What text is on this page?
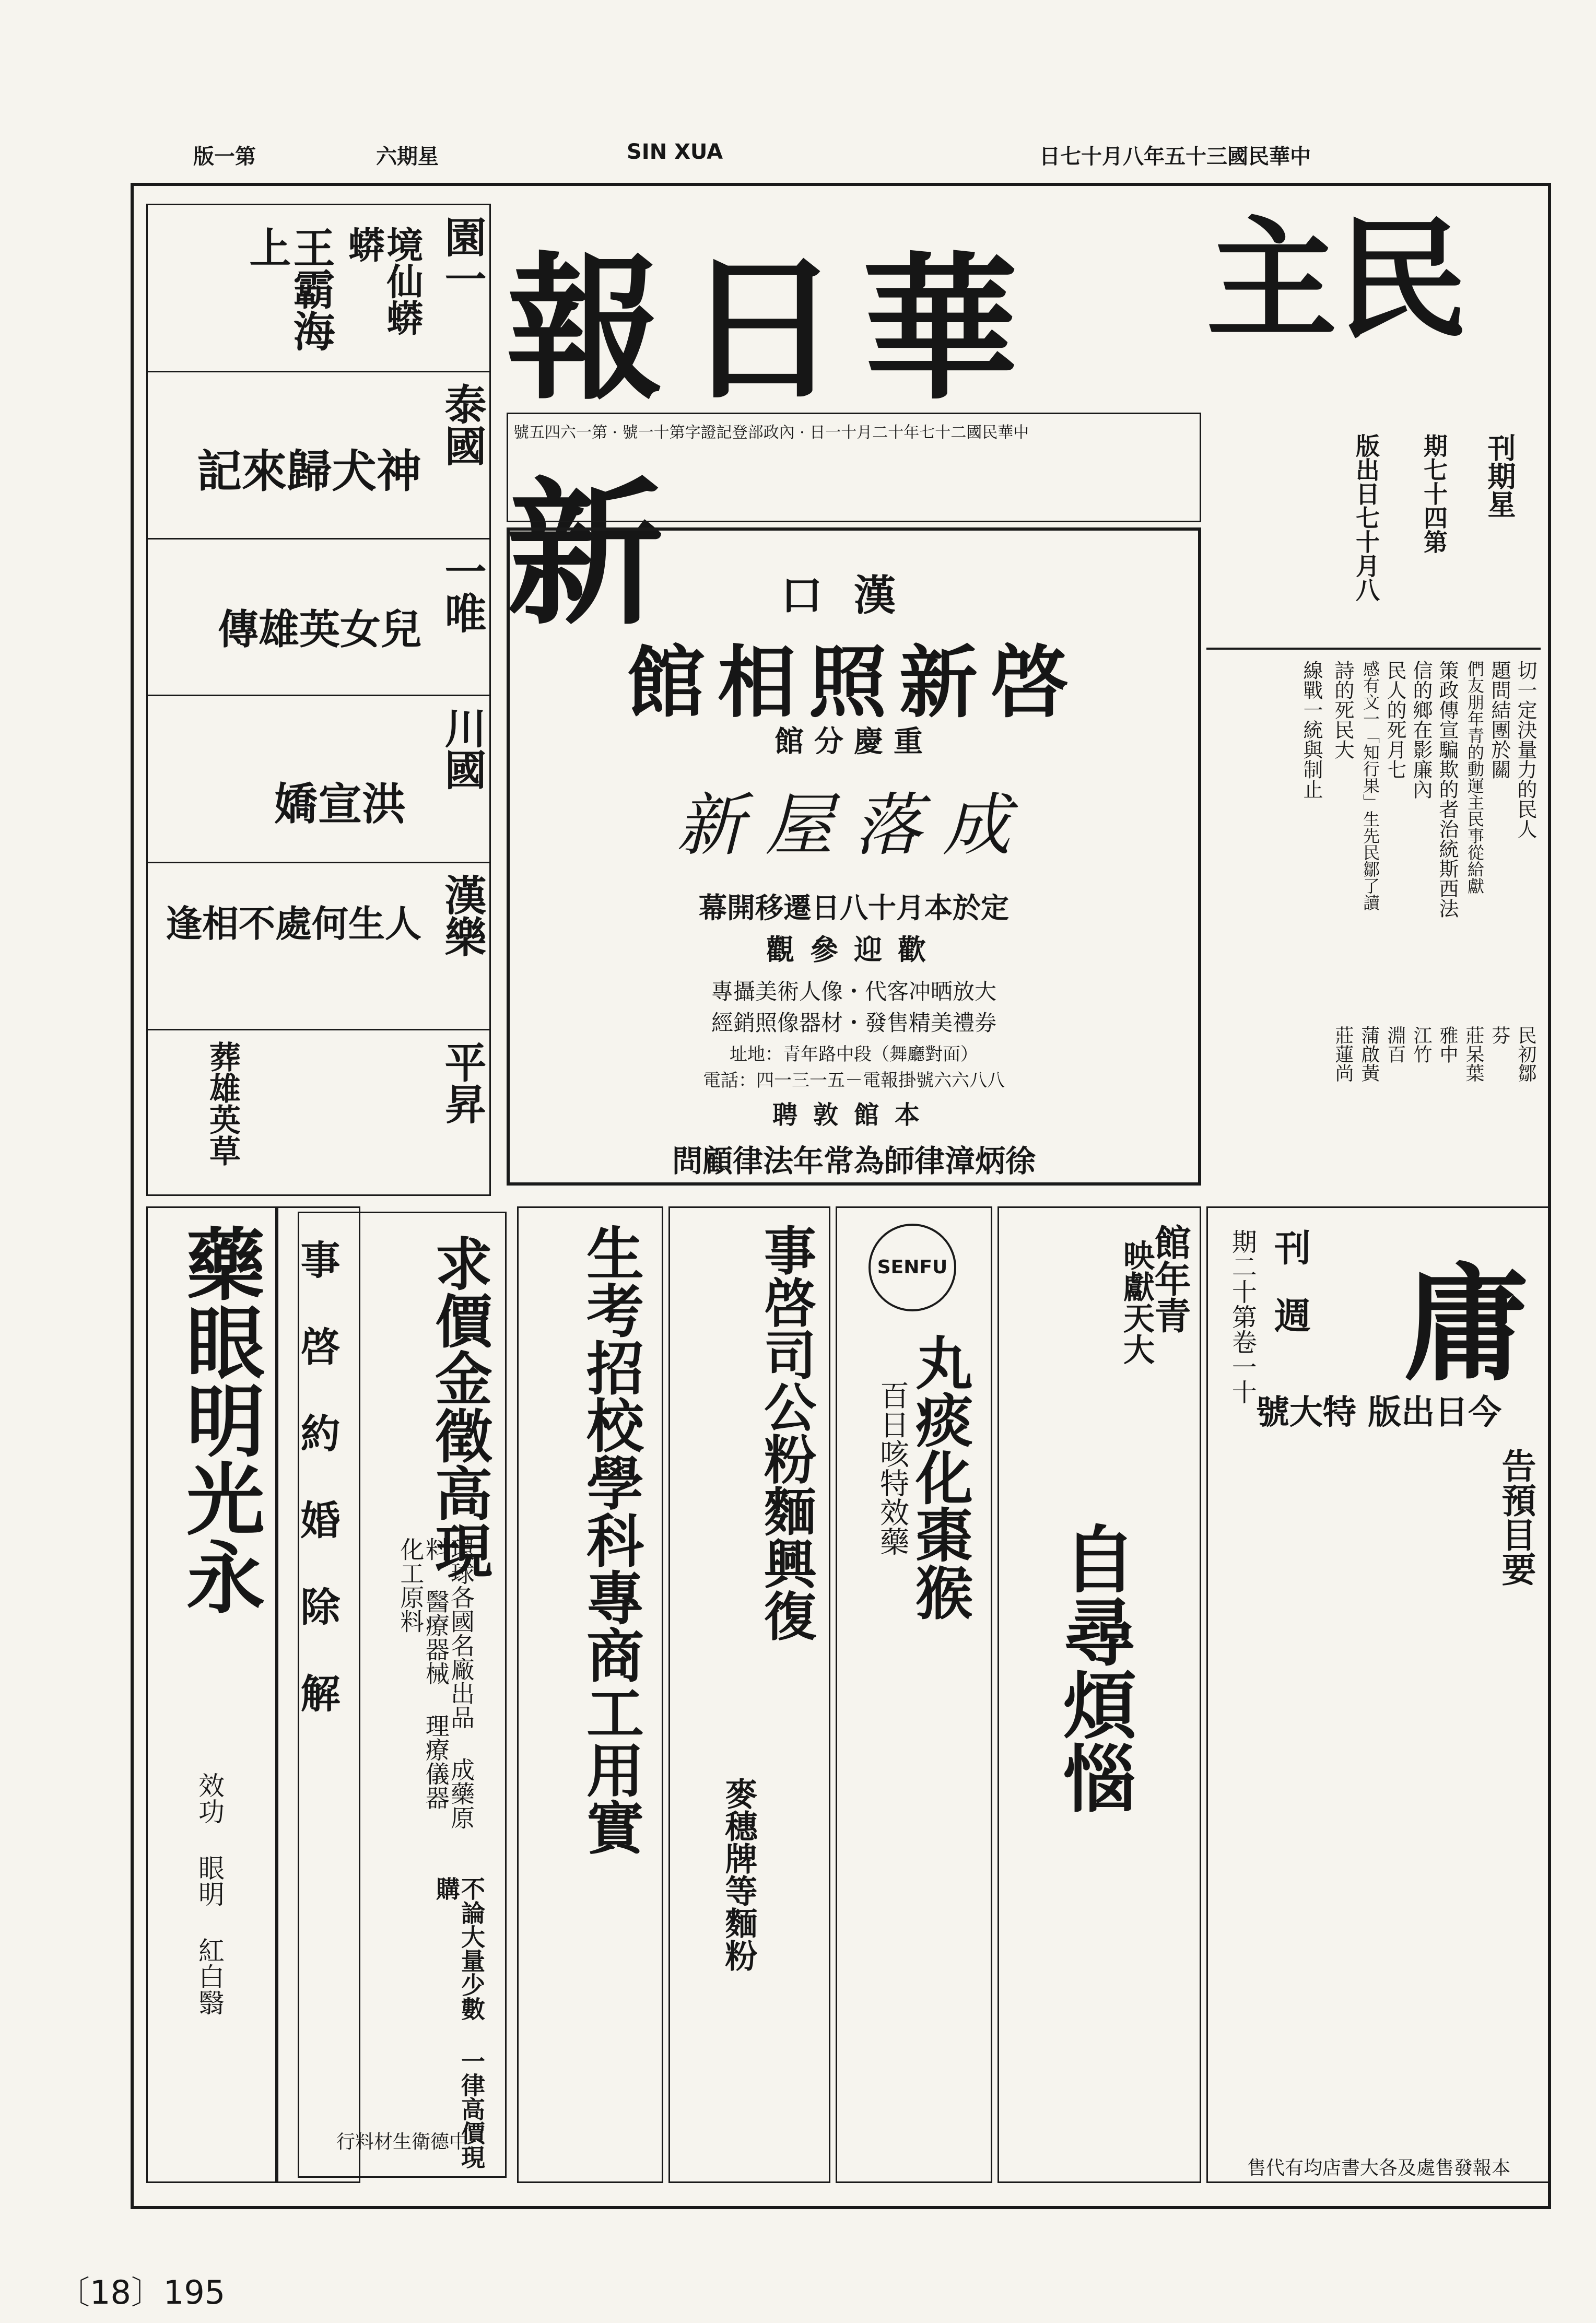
版一第	六期星	SIN XUA	日七十月八年五十三國民華中
報日華新
號五四六一第 · 號一十第字證記登部政內 · 日一十月二十年七十二國民華中
主民
刊期星
期七十四第
版出日七十月八
切一定決量力的民人
題問結團於關
們友朋年青的動運主民事從給獻
策政傳宣騙欺的者治統斯西法
信的鄉在影廉內
民人的死月七
感有文一「知行果」生先民鄒了讀
詩的死民大
線戰一統與制止
民初鄒
芬
莊呆葉
雅中
江竹
淵百
蒲啟黃
莊蓮尚
園一
王霸海上	境仙蟒蟒
泰國
記來歸犬神
一唯
傳雄英女兒
川國
嬌宣洪
漢樂
逢相不處何生人
平昇
葬雄英草
口漢
館相照新啓
館分慶重
新屋落成
幕開移遷日八十月本於定
觀參迎歡
專攝美術人像・代客冲晒放大
經銷照像器材・發售精美禮券
址地：青年路中段（舞廳對面）
電話：四一三一五－電報掛號六六八八
聘敦館本
問顧律法年常為師律漳炳徐
藥眼明光永
效功 眼明 紅白翳
事啓約婚除解 求價金徵高現
環球各國名廠出品 成藥原料 醫療器械 理療儀器 化工原料
不論大量少數 一律高價現購
行料材生衛德中
生考招校學科專商工用實 事啓司公粉麵興復
麥穗牌等麵粉
SENFU
丸痰化棗猴
百日咳特效藥
館年青
映獻天大
自尋煩惱
庸
刊週
期二十第卷一十
號大特 版出日今
告預目要
售代有均店書大各及處售發報本
〔18〕195
